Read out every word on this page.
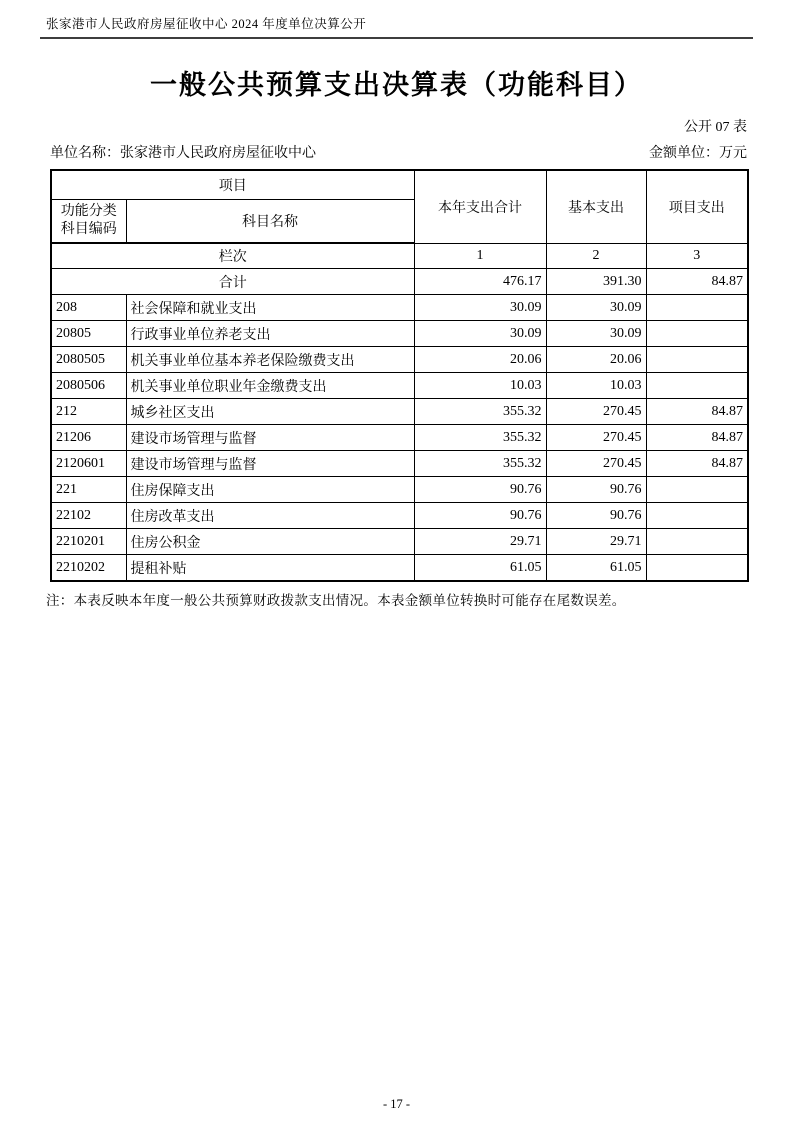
张家港市人民政府房屋征收中心 2024 年度单位决算公开
一般公共预算支出决算表（功能科目）
公开 07 表
单位名称：张家港市人民政府房屋征收中心	金额单位：万元
项目		本年支出合计	基本支出	项目支出

功能分类
科目编码	科目名称			
栏次		1	2	3
合计		476.17	391.30	84.87
208	社会保障和就业支出	30.09	30.09	
20805	行政事业单位养老支出	30.09	30.09	
2080505	机关事业单位基本养老保险缴费支出	20.06	20.06	
2080506	机关事业单位职业年金缴费支出	10.03	10.03	
212	城乡社区支出	355.32	270.45	84.87
21206	建设市场管理与监督	355.32	270.45	84.87
2120601	建设市场管理与监督	355.32	270.45	84.87
221	住房保障支出	90.76	90.76	
22102	住房改革支出	90.76	90.76	
2210201	住房公积金	29.71	29.71	
2210202	提租补贴	61.05	61.05	
注：本表反映本年度一般公共预算财政拨款支出情况。本表金额单位转换时可能存在尾数误差。
- 17 -
